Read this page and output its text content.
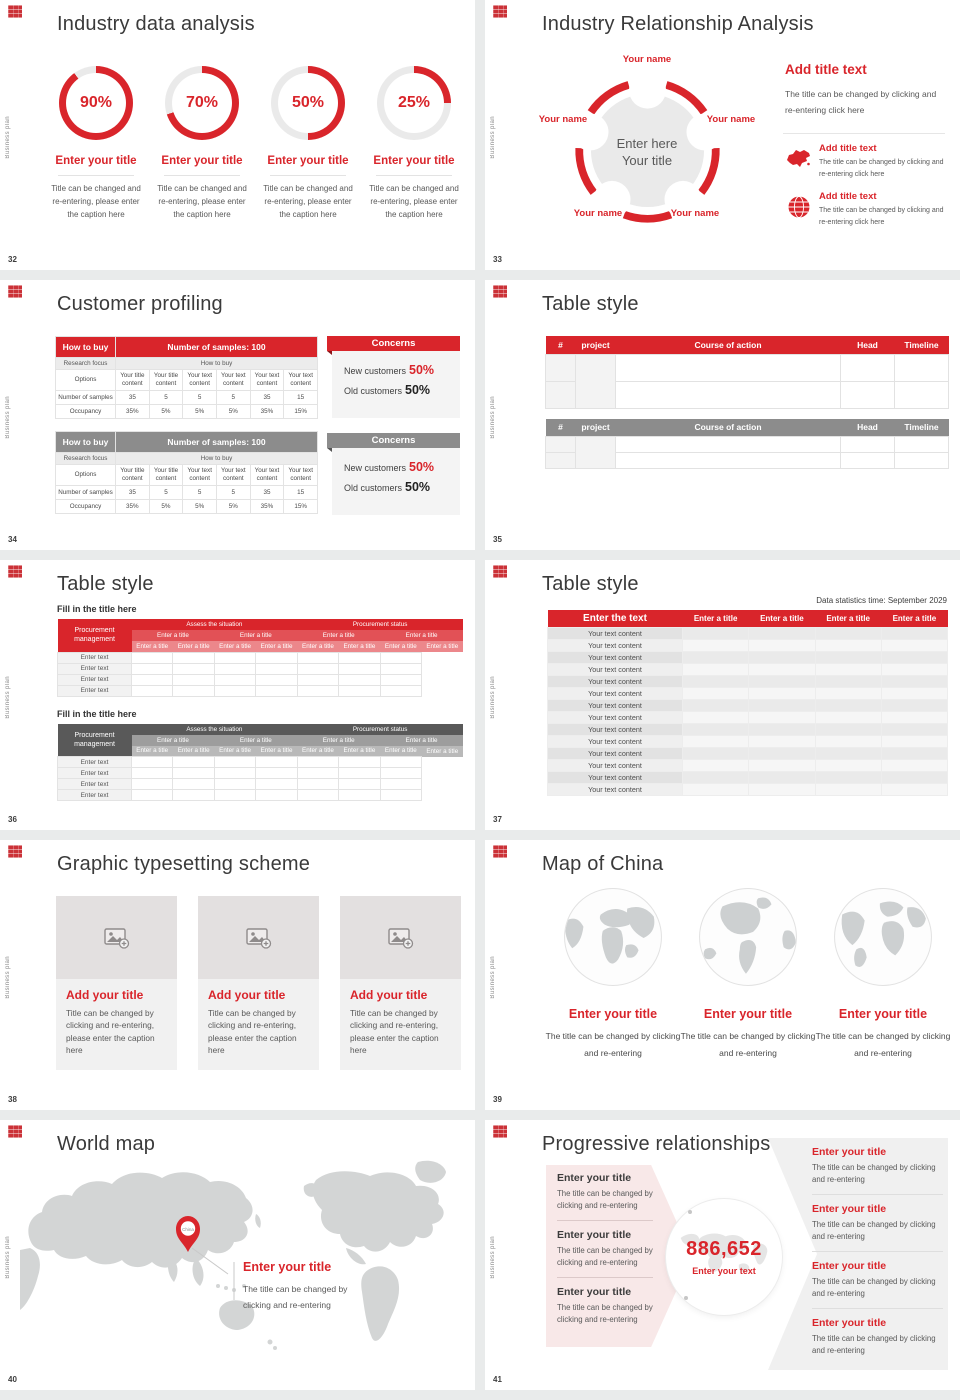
Business plan
Industry data analysis
90%
Enter your title

Title can be changed and re-entering, please enter the caption here

70%
Enter your title

Title can be changed and re-entering, please enter the caption here

50%
Enter your title

Title can be changed and re-entering, please enter the caption here

25%
Enter your title

Title can be changed and re-entering, please enter the caption here

32
Business plan
Industry Relationship Analysis
Your name
Your name	Your name
Your name	Your name
Enter here
Your title
Add title text

The title can be changed by clicking and re-entering click here

Add title text

The title can be changed by clicking and re-entering click here

Add title text

The title can be changed by clicking and re-entering click here

33
Business plan
Customer profiling
How to buy	Number of samples: 100					
Research focus	How to buy					
Options	Your title content	Your title content	Your text content	Your text content	Your text content	Your text content
Number of samples	35	5	5	5	35	15
Occupancy	35%	5%	5%	5%	35%	15%
How to buy	Number of samples: 100					
Research focus	How to buy					
Options	Your title content	Your title content	Your text content	Your text content	Your text content	Your text content
Number of samples	35	5	5	5	35	15
Occupancy	35%	5%	5%	5%	35%	15%
Concerns
New customers 50%
Old customers 50%
Concerns
New customers 50%
Old customers 50%
34
Business plan
Table style
#	project	Course of action	Head	Timeline

#	project	Course of action	Head	Timeline

35
Business plan
Table style
Fill in the title here
Procurement management	Assess the situation				Procurement status			
	Enter a title		Enter a title		Enter a title		Enter a title	
	Enter a title	Enter a title	Enter a title	Enter a title	Enter a title	Enter a title	Enter a title	Enter a title
Enter text								
Enter text								
Enter text								
Enter text								
Fill in the title here
Procurement management	Assess the situation				Procurement status			
	Enter a title		Enter a title		Enter a title		Enter a title	
	Enter a title	Enter a title	Enter a title	Enter a title	Enter a title	Enter a title	Enter a title	Enter a title
Enter text								
Enter text								
Enter text								
Enter text								
36
Business plan
Table style
Data statistics time: September 2029
Enter the text	Enter a title	Enter a title	Enter a title	Enter a title
Your text content				
Your text content				
Your text content				
Your text content				
Your text content				
Your text content				
Your text content				
Your text content				
Your text content				
Your text content				
Your text content				
Your text content				
Your text content				
Your text content				
37
Business plan
Graphic typesetting scheme
Add your title

Title can be changed by clicking and re-entering, please enter the caption here

Add your title

Title can be changed by clicking and re-entering, please enter the caption here

Add your title

Title can be changed by clicking and re-entering, please enter the caption here

38
Business plan
Map of China
Enter your title

The title can be changed by clicking and re-entering

Enter your title

The title can be changed by clicking and re-entering

Enter your title

The title can be changed by clicking and re-entering

39
Business plan
World map
China
Enter your title

The title can be changed by clicking and re-entering

40
Business plan
Progressive relationships
Enter your title

The title can be changed by clicking and re-entering

Enter your title

The title can be changed by clicking and re-entering

Enter your title

The title can be changed by clicking and re-entering

886,652
Enter your text
Enter your title

The title can be changed by clicking and re-entering

Enter your title

The title can be changed by clicking and re-entering

Enter your title

The title can be changed by clicking and re-entering

Enter your title

The title can be changed by clicking and re-entering

41
